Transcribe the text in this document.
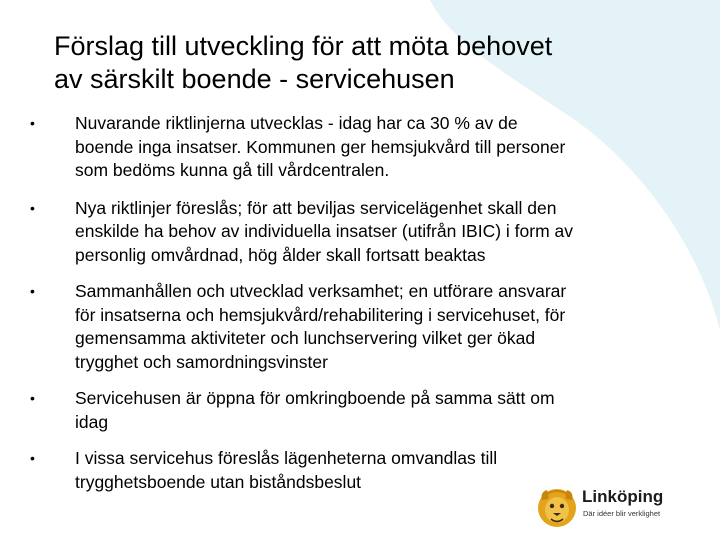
Förslag till utveckling för att möta behovet
av särskilt boende - servicehusen
•	Nuvarande riktlinjerna utvecklas - idag har ca 30 % av de
boende inga insatser. Kommunen ger hemsjukvård till personer
som bedöms kunna gå till vårdcentralen.
•	Nya riktlinjer föreslås; för att beviljas servicelägenhet skall den
enskilde ha behov av individuella insatser (utifrån IBIC) i form av
personlig omvårdnad, hög ålder skall fortsatt beaktas
•	Sammanhållen och utvecklad verksamhet; en utförare ansvarar
för insatserna och hemsjukvård/rehabilitering i servicehuset, för
gemensamma aktiviteter och lunchservering vilket ger ökad
trygghet och samordningsvinster
•	Servicehusen är öppna för omkringboende på samma sätt om
idag
•	I vissa servicehus föreslås lägenheterna omvandlas till
trygghetsboende utan biståndsbeslut
Linköping
Där idéer blir verklighet
